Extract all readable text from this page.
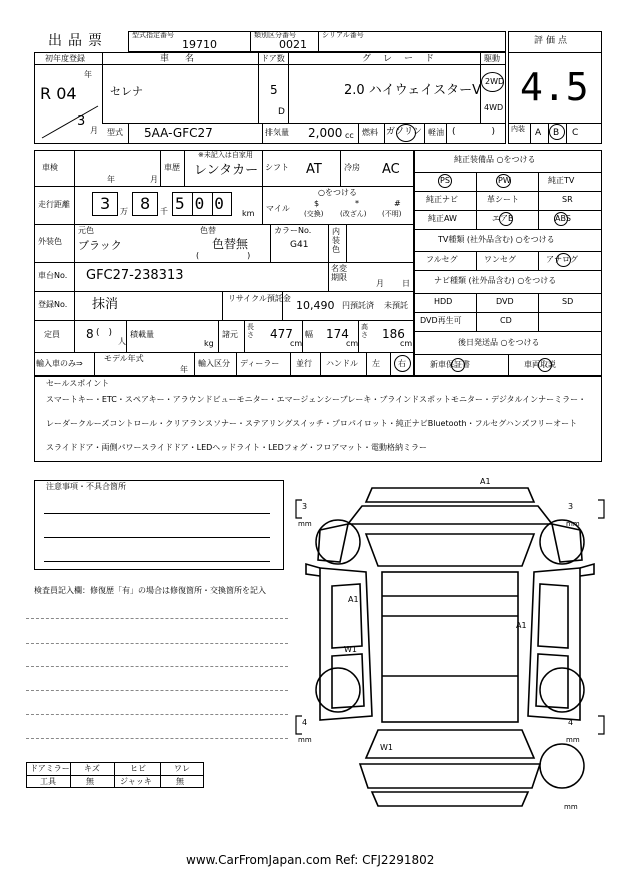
出品票	型式指定番号
19710
類別区分番号
0021
シリアル番号
初年度登録
年
R 04
3
月
車名
セレナ
ドア数
5
D
グレード
2.0 ハイウェイスターV
駆動
2WD
4WD
型式 5AA-GFC27	排気量 2,000 cc 燃料 ガソリン 軽油 (　　　　)
評価点
4.5
内装 A B C
車検
年	月
車歴
※未記入は自家用
レンタカー シフト AT	冷房 AC
走行距離 3 万 8 千 500
km
○をつける
マイル
$
(交換)
*
(改ざん)
#
(不明)
外装色
元色	色替
ブラック	色替無
(　　　　　　)
カラーNo.
G41
内装色
車台No. GFC27-238313	名変期限
月 日
登録No. 抹消	リサイクル預託金
10,490 円預託済 未預託
定員 8 (　)
人
積載量
kg
諸元
長さ 477
cm
幅 174
cm
高さ 186
cm
輸入車のみ⇒
モデル年式
年
輸入区分 ディーラー 並行 ハンドル 左 右
純正装備品 ○をつける
PS	PW	純正TV
純正ナビ	革シート	SR
純正AW	エアB	ABS
TV種類 (社外品含む) ○をつける
フルセグ	ワンセグ	アナログ
ナビ種類 (社外品含む) ○をつける
HDD	DVD	SD
DVD再生可	CD
後日発送品 ○をつける
新車保証書	車両取説
セールスポイント
スマートキー・ETC・スペアキー・アラウンドビューモニター・エマージェンシーブレーキ・ブラインドスポットモニター・デジタルインナーミラー・
レーダークルーズコントロール・クリアランスソナー・ステアリングスイッチ・プロパイロット・純正ナビBluetooth・フルセグハンズフリーオート
スライドドア・両側パワースライドドア・LEDヘッドライト・LEDフォグ・フロアマット・電動格納ミラー
注意事項・不具合箇所
検査員記入欄：修復歴「有」の場合は修復箇所・交換箇所を記入
A1
A1
W1
A1
W1
3
mm
3
mm
4
mm
4
mm
mm
ドアミラー キズ	ヒビ	ワレ
工具	無	ジャッキ	無
www.CarFromJapan.com Ref: CFJ2291802
